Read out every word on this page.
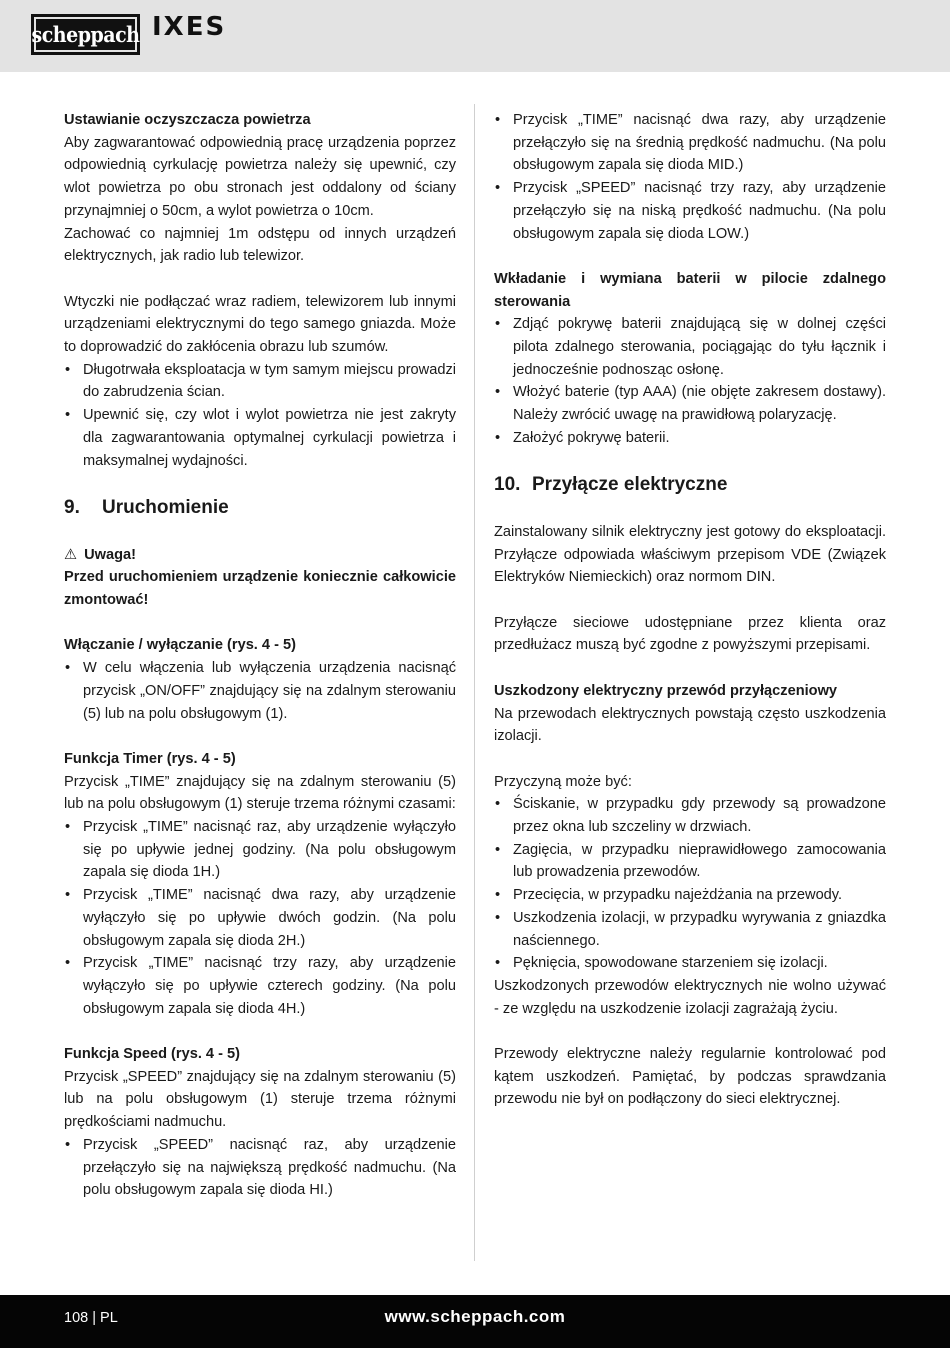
scheppach IXES

Ustawianie oczyszczacza powietrza

Aby zagwarantować odpowiednią pracę urządzenia poprzez odpowiednią cyrkulację powietrza należy się upewnić, czy wlot powietrza po obu stronach jest oddalony od ściany przynajmniej o 50cm, a wylot powietrza o 10cm.

Zachować co najmniej 1m odstępu od innych urządzeń elektrycznych, jak radio lub telewizor.

Wtyczki nie podłączać wraz radiem, telewizorem lub innymi urządzeniami elektrycznymi do tego samego gniazda. Może to doprowadzić do zakłócenia obrazu lub szumów.

• Długotrwała eksploatacja w tym samym miejscu prowadzi do zabrudzenia ścian.
• Upewnić się, czy wlot i wylot powietrza nie jest zakryty dla zagwarantowania optymalnej cyrkulacji powietrza i maksymalnej wydajności.
9. Uruchomienie

⚠ Uwaga!

Przed uruchomieniem urządzenie koniecznie całkowicie zmontować!

Włączanie / wyłączanie (rys. 4 - 5)

• W celu włączenia lub wyłączenia urządzenia nacisnąć przycisk „ON/OFF” znajdujący się na zdalnym sterowaniu (5) lub na polu obsługowym (1).

Funkcja Timer (rys. 4 - 5)

Przycisk „TIME” znajdujący się na zdalnym sterowaniu (5) lub na polu obsługowym (1) steruje trzema różnymi czasami:

• Przycisk „TIME” nacisnąć raz, aby urządzenie wyłączyło się po upływie jednej godziny. (Na polu obsługowym zapala się dioda 1H.)
• Przycisk „TIME” nacisnąć dwa razy, aby urządzenie wyłączyło się po upływie dwóch godzin. (Na polu obsługowym zapala się dioda 2H.)
• Przycisk „TIME” nacisnąć trzy razy, aby urządzenie wyłączyło się po upływie czterech godziny. (Na polu obsługowym zapala się dioda 4H.)

Funkcja Speed (rys. 4 - 5)

Przycisk „SPEED” znajdujący się na zdalnym sterowaniu (5) lub na polu obsługowym (1) steruje trzema różnymi prędkościami nadmuchu.

• Przycisk „SPEED” nacisnąć raz, aby urządzenie przełączyło się na największą prędkość nadmuchu. (Na polu obsługowym zapala się dioda HI.)
• Przycisk „TIME” nacisnąć dwa razy, aby urządzenie przełączyło się na średnią prędkość nadmuchu. (Na polu obsługowym zapala się dioda MID.)
• Przycisk „SPEED” nacisnąć trzy razy, aby urządzenie przełączyło się na niską prędkość nadmuchu. (Na polu obsługowym zapala się dioda LOW.)

Wkładanie i wymiana baterii w pilocie zdalnego sterowania

• Zdjąć pokrywę baterii znajdującą się w dolnej części pilota zdalnego sterowania, pociągając do tyłu łącznik i jednocześnie podnosząc osłonę.
• Włożyć baterie (typ AAA) (nie objęte zakresem dostawy). Należy zwrócić uwagę na prawidłową polaryzację.
• Założyć pokrywę baterii.
10. Przyłącze elektryczne

Zainstalowany silnik elektryczny jest gotowy do eksploatacji. Przyłącze odpowiada właściwym przepisom VDE (Związek Elektryków Niemieckich) oraz normom DIN.

Przyłącze sieciowe udostępniane przez klienta oraz przedłużacz muszą być zgodne z powyższymi przepisami.

Uszkodzony elektryczny przewód przyłączeniowy

Na przewodach elektrycznych powstają często uszkodzenia izolacji.

Przyczyną może być:

• Ściskanie, w przypadku gdy przewody są prowadzone przez okna lub szczeliny w drzwiach.
• Zagięcia, w przypadku nieprawidłowego zamocowania lub prowadzenia przewodów.
• Przecięcia, w przypadku najeżdżania na przewody.
• Uszkodzenia izolacji, w przypadku wyrywania z gniazdka naściennego.
• Pęknięcia, spowodowane starzeniem się izolacji.

Uszkodzonych przewodów elektrycznych nie wolno używać - ze względu na uszkodzenie izolacji zagrażają życiu.

Przewody elektryczne należy regularnie kontrolować pod kątem uszkodzeń. Pamiętać, by podczas sprawdzania przewodu nie był on podłączony do sieci elektrycznej.

108 | PL	www.scheppach.com
